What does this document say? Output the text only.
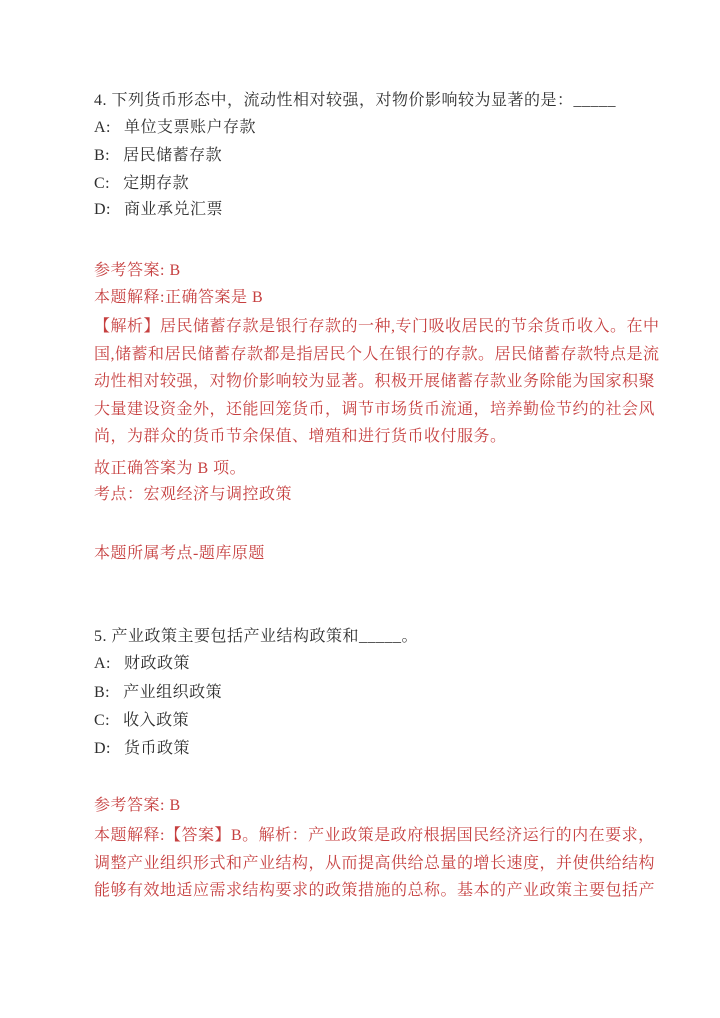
4. 下列货币形态中，流动性相对较强，对物价影响较为显著的是：_____
A: 单位支票账户存款
B: 居民储蓄存款
C: 定期存款
D: 商业承兑汇票
参考答案: B
本题解释:正确答案是 B
【解析】居民储蓄存款是银行存款的一种,专门吸收居民的节余货币收入。在中
国,储蓄和居民储蓄存款都是指居民个人在银行的存款。居民储蓄存款特点是流
动性相对较强，对物价影响较为显著。积极开展储蓄存款业务除能为国家积聚
大量建设资金外，还能回笼货币，调节市场货币流通，培养勤俭节约的社会风
尚，为群众的货币节余保值、增殖和进行货币收付服务。
故正确答案为 B 项。
考点：宏观经济与调控政策
本题所属考点-题库原题
5. 产业政策主要包括产业结构政策和_____。
A: 财政政策
B: 产业组织政策
C: 收入政策
D: 货币政策
参考答案: B
本题解释:【答案】B。解析：产业政策是政府根据国民经济运行的内在要求，
调整产业组织形式和产业结构，从而提高供给总量的增长速度，并使供给结构
能够有效地适应需求结构要求的政策措施的总称。基本的产业政策主要包括产
